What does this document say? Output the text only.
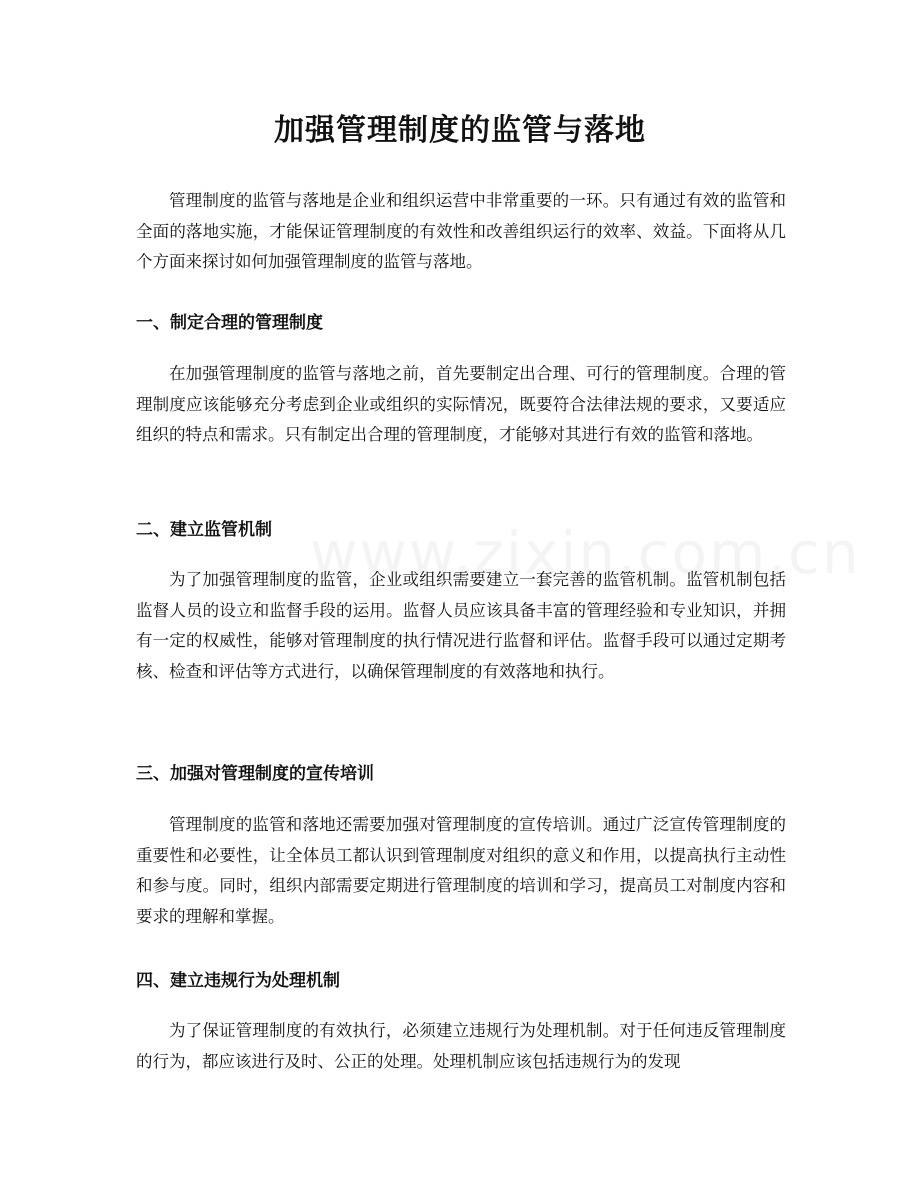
加强管理制度的监管与落地
管理制度的监管与落地是企业和组织运营中非常重要的一环。只有通过有效的监管和全面的落地实施，才能保证管理制度的有效性和改善组织运行的效率、效益。下面将从几个方面来探讨如何加强管理制度的监管与落地。
一、制定合理的管理制度
在加强管理制度的监管与落地之前，首先要制定出合理、可行的管理制度。合理的管理制度应该能够充分考虑到企业或组织的实际情况，既要符合法律法规的要求，又要适应组织的特点和需求。只有制定出合理的管理制度，才能够对其进行有效的监管和落地。
二、建立监管机制
为了加强管理制度的监管，企业或组织需要建立一套完善的监管机制。监管机制包括监督人员的设立和监督手段的运用。监督人员应该具备丰富的管理经验和专业知识，并拥有一定的权威性，能够对管理制度的执行情况进行监督和评估。监督手段可以通过定期考核、检查和评估等方式进行，以确保管理制度的有效落地和执行。
三、加强对管理制度的宣传培训
管理制度的监管和落地还需要加强对管理制度的宣传培训。通过广泛宣传管理制度的重要性和必要性，让全体员工都认识到管理制度对组织的意义和作用，以提高执行主动性和参与度。同时，组织内部需要定期进行管理制度的培训和学习，提高员工对制度内容和要求的理解和掌握。
四、建立违规行为处理机制
为了保证管理制度的有效执行，必须建立违规行为处理机制。对于任何违反管理制度的行为，都应该进行及时、公正的处理。处理机制应该包括违规行为的发现
